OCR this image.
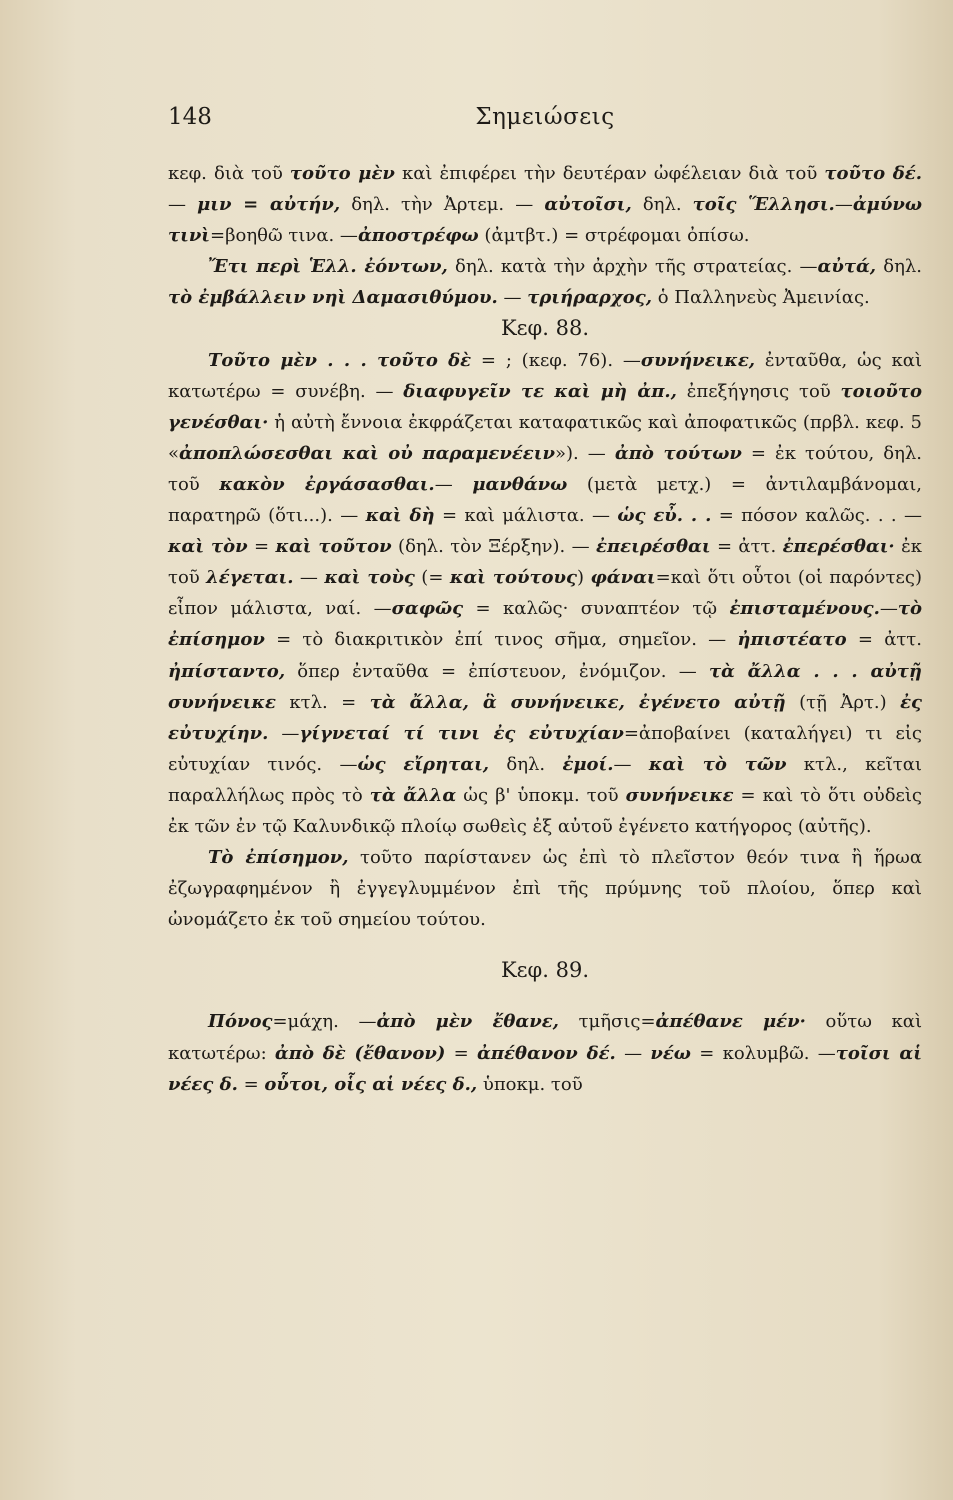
148	Σημειώσεις

κεφ. διὰ τοῦ τοῦτο μὲν καὶ ἐπιφέρει τὴν δευτέραν ὠφέλειαν διὰ τοῦ τοῦτο δέ.— μιν = αὐτήν, δηλ. τὴν Ἀρτεμ. — αὐτοῖσι, δηλ. τοῖς Ἕλλησι.—ἀμύνω τινὶ=βοηθῶ τινα. —ἀποστρέφω (ἀμτβτ.) = στρέφομαι ὀπίσω.

Ἔτι περὶ Ἑλλ. ἐόντων, δηλ. κατὰ τὴν ἀρχὴν τῆς στρατείας. —αὐτά, δηλ. τὸ ἐμβάλλειν νηὶ Δαμασιθύμου. — τριήραρχος, ὁ Παλληνεὺς Ἀμεινίας.

Κεφ. 88.

Τοῦτο μὲν . . . τοῦτο δὲ = ; (κεφ. 76). —συνήνεικε, ἐνταῦθα, ὡς καὶ κατωτέρω = συνέβη. — διαφυγεῖν τε καὶ μὴ ἀπ., ἐπεξήγησις τοῦ τοιοῦτο γενέσθαι· ἡ αὐτὴ ἔννοια ἐκφράζεται καταφατικῶς καὶ ἀποφατικῶς (πρβλ. κεφ. 5 «ἀποπλώσεσθαι καὶ οὐ παραμενέειν»). — ἀπὸ τούτων = ἐκ τούτου, δηλ. τοῦ κακὸν ἐργάσασθαι.— μανθάνω (μετὰ μετχ.) = ἀντιλαμβάνομαι, παρατηρῶ (ὅτι...). — καὶ δὴ = καὶ μάλιστα. — ὡς εὖ. . . = πόσον καλῶς. . . — καὶ τὸν = καὶ τοῦτον (δηλ. τὸν Ξέρξην). — ἐπειρέσθαι = ἀττ. ἐπερέσθαι· ἐκ τοῦ λέγεται. — καὶ τοὺς (= καὶ τούτους) φάναι=καὶ ὅτι οὗτοι (οἱ παρόντες) εἶπον μάλιστα, ναί. —σαφῶς = καλῶς· συναπτέον τῷ ἐπισταμένους.—τὸ ἐπίσημον = τὸ διακριτικὸν ἐπί τινος σῆμα, σημεῖον. — ἠπιστέατο = ἀττ. ἠπίσταντο, ὅπερ ἐνταῦθα = ἐπίστευον, ἐνόμιζον. — τὰ ἄλλα . . . αὐτῇ συνήνεικε κτλ. = τὰ ἄλλα, ἃ συνήνεικε, ἐγένετο αὐτῇ (τῇ Ἀρτ.) ἐς εὐτυχίην. —γίγνεταί τί τινι ἐς εὐτυχίαν=ἀποβαίνει (καταλήγει) τι εἰς εὐτυχίαν τινός. —ὡς εἴρηται, δηλ. ἐμοί.— καὶ τὸ τῶν κτλ., κεῖται παραλλήλως πρὸς τὸ τὰ ἄλλα ὡς β' ὑποκμ. τοῦ συνήνεικε = καὶ τὸ ὅτι οὐδεὶς ἐκ τῶν ἐν τῷ Καλυνδικῷ πλοίῳ σωθεὶς ἐξ αὐτοῦ ἐγένετο κατήγορος (αὐτῆς).

Τὸ ἐπίσημον, τοῦτο παρίστανεν ὡς ἐπὶ τὸ πλεῖστον θεόν τινα ἢ ἥρωα ἐζωγραφημένον ἢ ἐγγεγλυμμένον ἐπὶ τῆς πρύμνης τοῦ πλοίου, ὅπερ καὶ ὠνομάζετο ἐκ τοῦ σημείου τούτου.

Κεφ. 89.

Πόνος=μάχη. —ἀπὸ μὲν ἔθανε, τμῆσις=ἀπέθανε μέν· οὕτω καὶ κατωτέρω: ἀπὸ δὲ (ἔθανον) = ἀπέθανον δέ. — νέω = κολυμβῶ. —τοῖσι αἱ νέες δ. = οὗτοι, οἷς αἱ νέες δ., ὑποκμ. τοῦ
